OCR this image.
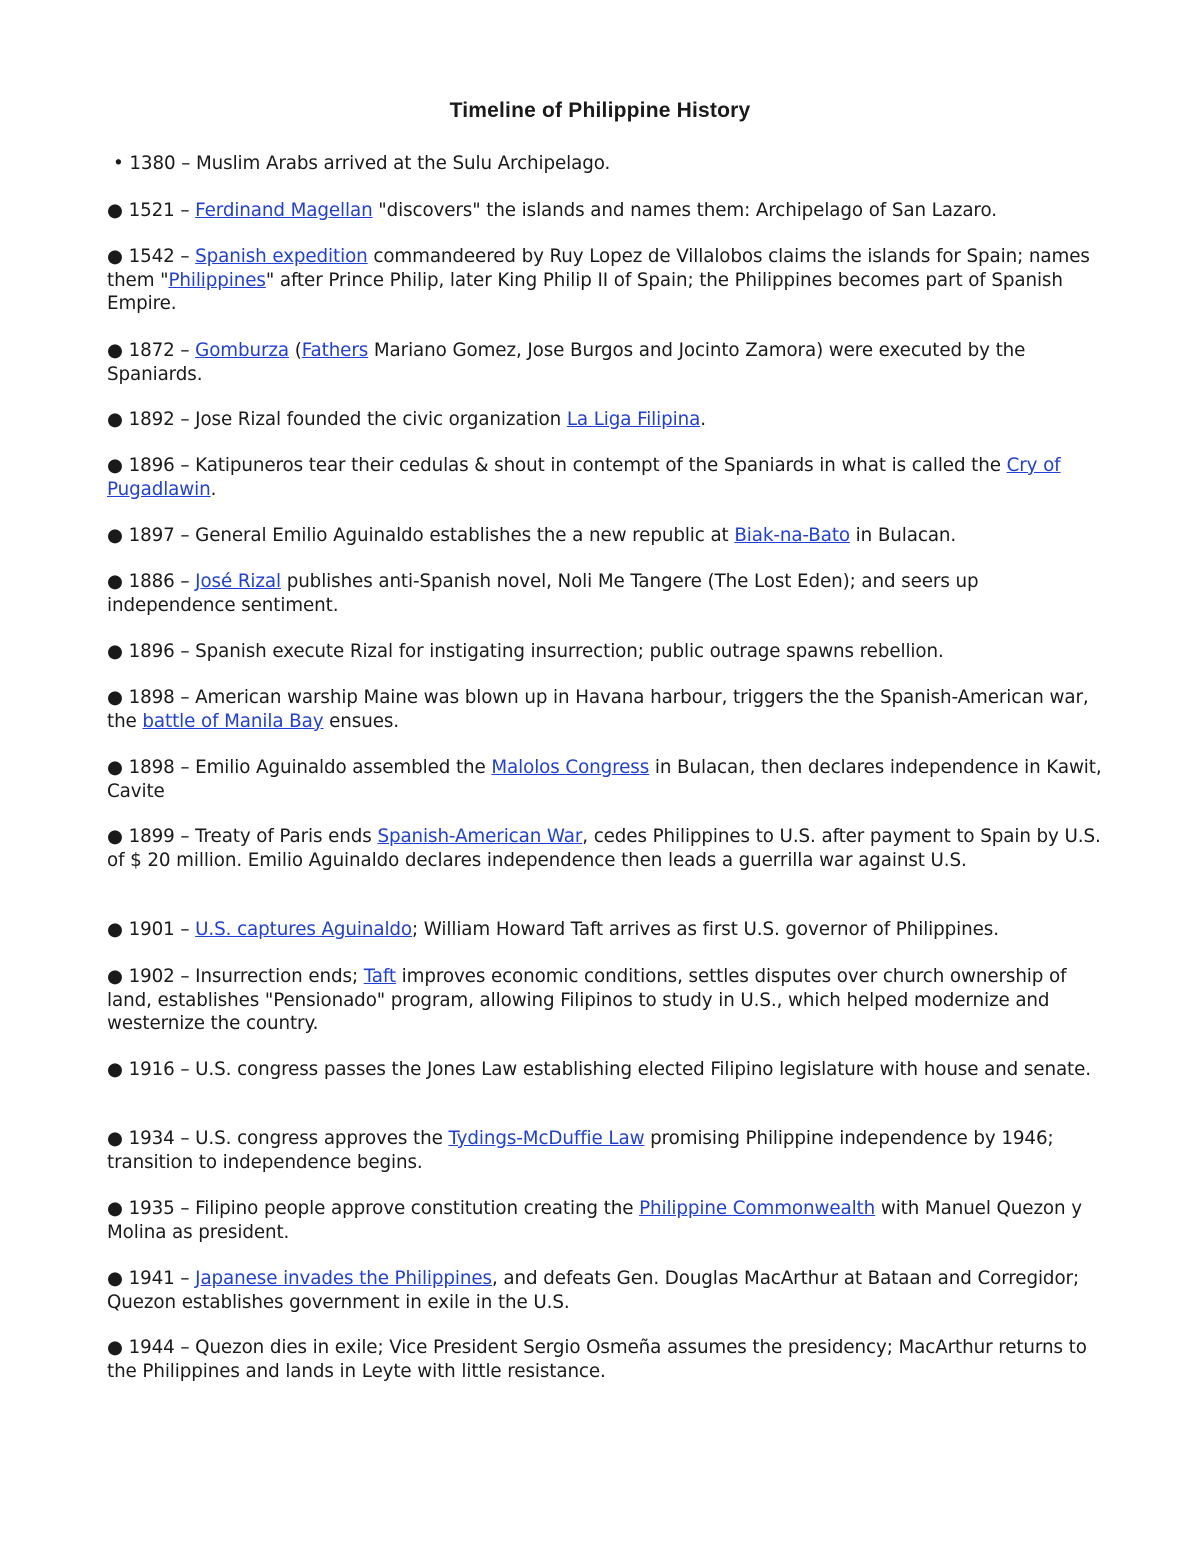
Timeline of Philippine History

• 1380 – Muslim Arabs arrived at the Sulu Archipelago.

● 1521 – Ferdinand Magellan "discovers" the islands and names them: Archipelago of San Lazaro.

● 1542 – Spanish expedition commandeered by Ruy Lopez de Villalobos claims the islands for Spain; names them "Philippines" after Prince Philip, later King Philip II of Spain; the Philippines becomes part of Spanish Empire.

● 1872 – Gomburza (Fathers Mariano Gomez, Jose Burgos and Jocinto Zamora) were executed by the Spaniards.

● 1892 – Jose Rizal founded the civic organization La Liga Filipina.

● 1896 – Katipuneros tear their cedulas & shout in contempt of the Spaniards in what is called the Cry of Pugadlawin.

● 1897 – General Emilio Aguinaldo establishes the a new republic at Biak-na-Bato in Bulacan.

● 1886 – José Rizal publishes anti-Spanish novel, Noli Me Tangere (The Lost Eden); and seers up independence sentiment.

● 1896 – Spanish execute Rizal for instigating insurrection; public outrage spawns rebellion.

● 1898 – American warship Maine was blown up in Havana harbour, triggers the the Spanish-American war, the battle of Manila Bay ensues.

● 1898 – Emilio Aguinaldo assembled the Malolos Congress in Bulacan, then declares independence in Kawit, Cavite

● 1899 – Treaty of Paris ends Spanish-American War, cedes Philippines to U.S. after payment to Spain by U.S. of $ 20 million. Emilio Aguinaldo declares independence then leads a guerrilla war against U.S.

● 1901 – U.S. captures Aguinaldo; William Howard Taft arrives as first U.S. governor of Philippines.

● 1902 – Insurrection ends; Taft improves economic conditions, settles disputes over church ownership of land, establishes "Pensionado" program, allowing Filipinos to study in U.S., which helped modernize and westernize the country.

● 1916 – U.S. congress passes the Jones Law establishing elected Filipino legislature with house and senate.

● 1934 – U.S. congress approves the Tydings-McDuffie Law promising Philippine independence by 1946; transition to independence begins.

● 1935 – Filipino people approve constitution creating the Philippine Commonwealth with Manuel Quezon y Molina as president.

● 1941 – Japanese invades the Philippines, and defeats Gen. Douglas MacArthur at Bataan and Corregidor; Quezon establishes government in exile in the U.S.

● 1944 – Quezon dies in exile; Vice President Sergio Osmeña assumes the presidency; MacArthur returns to the Philippines and lands in Leyte with little resistance.
